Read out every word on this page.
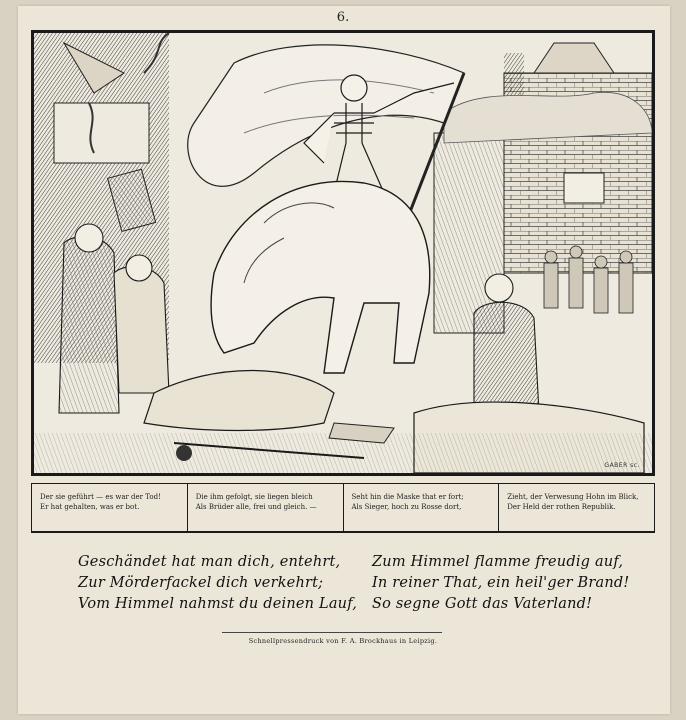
6.
GABER sc.
Der sie geführt — es war der Tod!
Er hat gehalten, was er bot.
Die ihm gefolgt, sie liegen bleich
Als Brüder alle, frei und gleich. —
Seht hin die Maske that er fort;
Als Sieger, hoch zu Rosse dort,
Zieht, der Verwesung Hohn im Blick,
Der Held der rothen Republik.
Geschändet hat man dich, entehrt,
Zur Mörderfackel dich verkehrt;
Vom Himmel nahmst du deinen Lauf,
Zum Himmel flamme freudig auf,
In reiner That, ein heil'ger Brand!
So segne Gott das Vaterland!
Schnellpressendruck von F. A. Brockhaus in Leipzig.
